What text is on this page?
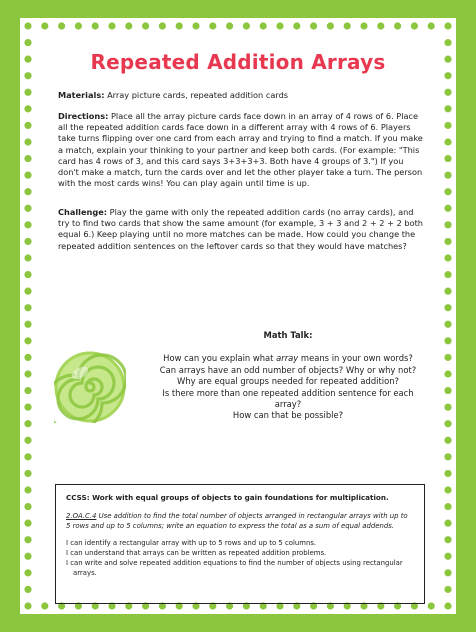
Repeated Addition Arrays
Materials: Array picture cards, repeated addition cards
Directions: Place all the array picture cards face down in an array of 4 rows of 6. Place all the repeated addition cards face down in a different array with 4 rows of 6. Players take turns flipping over one card from each array and trying to find a match. If you make a match, explain your thinking to your partner and keep both cards. (For example: "This card has 4 rows of 3, and this card says 3+3+3+3. Both have 4 groups of 3.") If you don't make a match, turn the cards over and let the other player take a turn. The person with the most cards wins! You can play again until time is up.
Challenge: Play the game with only the repeated addition cards (no array cards), and try to find two cards that show the same amount (for example, 3 + 3 and 2 + 2 + 2 both equal 6.) Keep playing until no more matches can be made. How could you change the repeated addition sentences on the leftover cards so that they would have matches?
Math Talk:
How can you explain what array means in your own words?
Can arrays have an odd number of objects? Why or why not?
Why are equal groups needed for repeated addition?
Is there more than one repeated addition sentence for each array?
How can that be possible?
CCSS: Work with equal groups of objects to gain foundations for multiplication.
2.OA.C.4 Use addition to find the total number of objects arranged in rectangular arrays with up to 5 rows and up to 5 columns; write an equation to express the total as a sum of equal addends.
I can identify a rectangular array with up to 5 rows and up to 5 columns.
I can understand that arrays can be written as repeated addition problems.
I can write and solve repeated addition equations to find the number of objects using rectangular
arrays.
